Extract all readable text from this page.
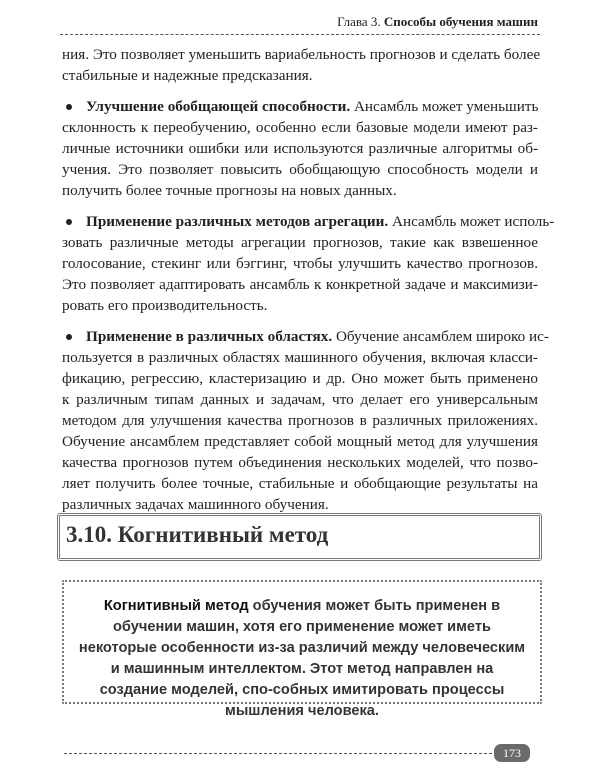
Глава 3. Способы обучения машин
ния. Это позволяет уменьшить вариабельность прогнозов и сделать более
стабильные и надежные предсказания.
Улучшение обобщающей способности. Ансамбль может уменьшить
склонность к переобучению, особенно если базовые модели имеют раз-
личные источники ошибки или используются различные алгоритмы об-
учения. Это позволяет повысить обобщающую способность модели и
получить более точные прогнозы на новых данных.
Применение различных методов агрегации. Ансамбль может исполь-
зовать различные методы агрегации прогнозов, такие как взвешенное
голосование, стекинг или бэггинг, чтобы улучшить качество прогнозов.
Это позволяет адаптировать ансамбль к конкретной задаче и максимизи-
ровать его производительность.
Применение в различных областях. Обучение ансамблем широко ис-
пользуется в различных областях машинного обучения, включая класси-
фикацию, регрессию, кластеризацию и др. Оно может быть применено
к различным типам данных и задачам, что делает его универсальным
методом для улучшения качества прогнозов в различных приложениях.
Обучение ансамблем представляет собой мощный метод для улучшения
качества прогнозов путем объединения нескольких моделей, что позво-
ляет получить более точные, стабильные и обобщающие результаты на
различных задачах машинного обучения.
3.10. Когнитивный метод
Когнитивный метод обучения может быть применен в обучении машин, хотя его применение может иметь некоторые особенности из-за различий между человеческим и машинным интеллектом. Этот метод направлен на создание моделей, спо-собных имитировать процессы мышления человека.
173
